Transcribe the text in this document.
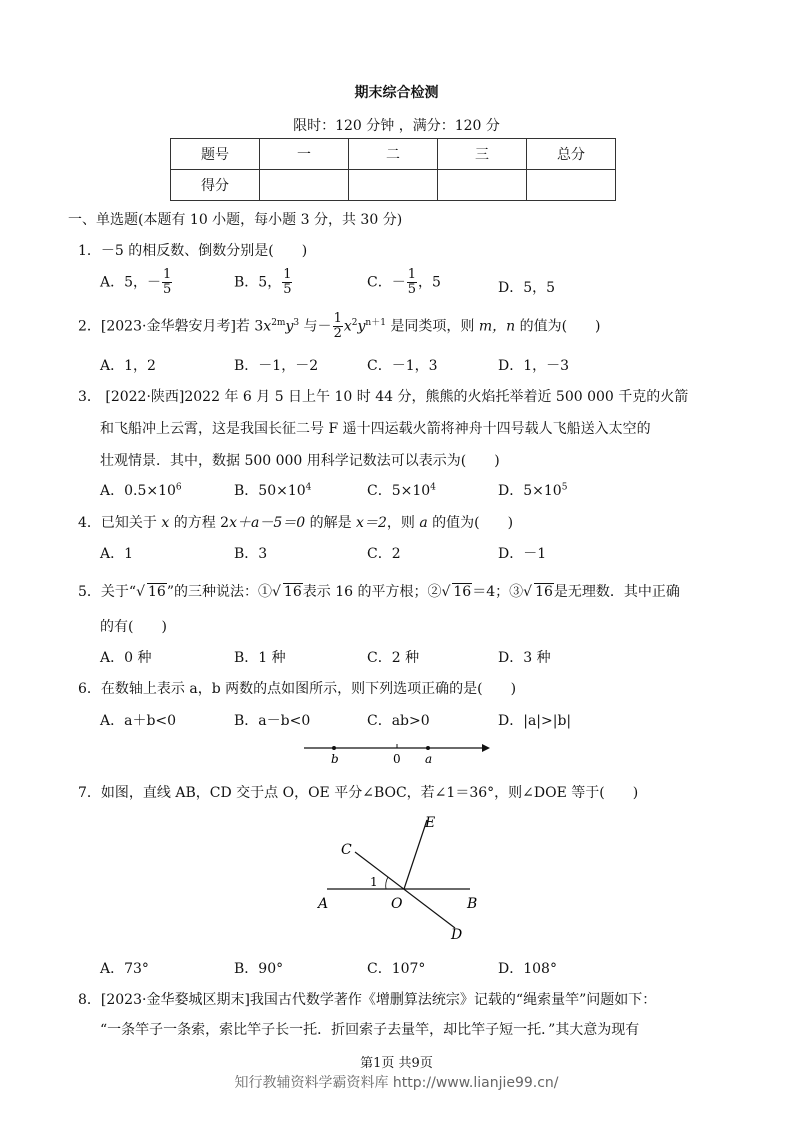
期末综合检测
限时：120 分钟 ，满分：120 分
题号	一	二	三	总分
得分				
一、单选题(本题有 10 小题，每小题 3 分，共 30 分)
1．－5 的相反数、倒数分别是(　　)
A．5，－ $\frac{1}{5}$	B．5， $\frac{1}{5}$	C．－ $\frac{1}{5}$ ，5	D．5，5
2．[2023·金华磐安月考]若 $3x^{2m}y^3$ 与－ $\frac{1}{2} x^2y^{n+1}$ 是同类项，则 m，n 的值为(　　)
A．1，2	B．－1，－2	C．－1，3	D．1，－3
3． [2022·陕西]2022 年 6 月 5 日上午 10 时 44 分，熊熊的火焰托举着近 500 000 千克的火箭
和飞船冲上云霄，这是我国长征二号 F 遥十四运载火箭将神舟十四号载人飞船送入太空的
壮观情景．其中，数据 500 000 用科学记数法可以表示为(　　)
A．$0.5\times 10^6$	B．$50\times 10^4$	C．$5\times 10^4$	D．$5\times 10^5$
4．已知关于 x 的方程 2x＋a－5＝0 的解是 x＝2，则 a 的值为(　　)
A．1	B．3	C．2	D．－1
5．关于“√ 16”的三种说法：①√ 16表示 16 的平方根；②√ 16＝4；③√ 16是无理数．其中正确
的有(　　)
A．0 种	B．1 种	C．2 种	D．3 种
6．在数轴上表示 a，b 两数的点如图所示，则下列选项正确的是(　　)
A．a＋b<0	B．a－b<0	C．ab>0	D．|a|>|b|
b	0 a
7．如图，直线 AB，CD 交于点 O，OE 平分∠BOC，若∠1＝36°，则∠DOE 等于(　　)
A	B
C
D
E
O
1
A．73°	B．90°	C．107°	D．108°
8．[2023·金华婺城区期末]我国古代数学著作《增删算法统宗》记载的“绳索量竿”问题如下：
“一条竿子一条索，索比竿子长一托．折回索子去量竿，却比竿子短一托．”其大意为现有
第1页 共9页
知行教辅资料学霸资料库 http://www.lianjie99.cn/
